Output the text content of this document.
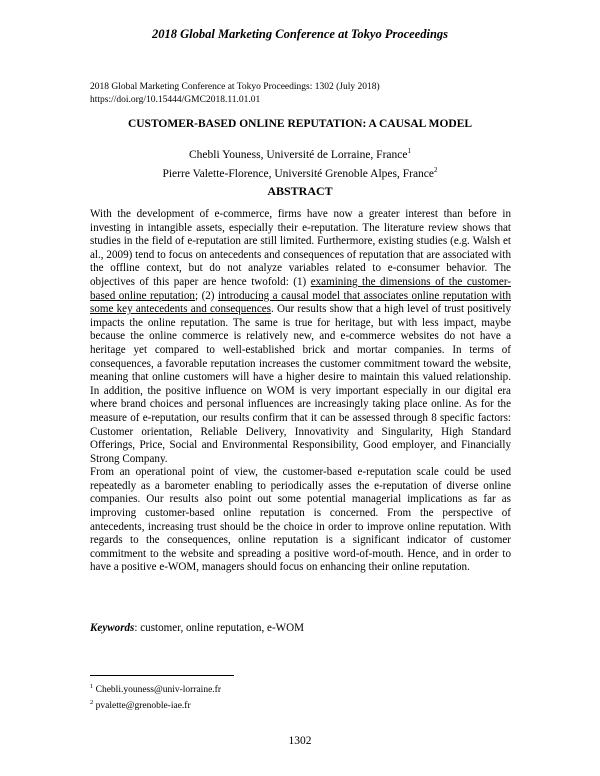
2018 Global Marketing Conference at Tokyo Proceedings
2018 Global Marketing Conference at Tokyo Proceedings: 1302 (July 2018)
https://doi.org/10.15444/GMC2018.11.01.01
CUSTOMER-BASED ONLINE REPUTATION: A CAUSAL MODEL
Chebli Youness, Université de Lorraine, France$^1$
Pierre Valette-Florence, Université Grenoble Alpes, France$^2$
ABSTRACT

With the development of e-commerce, firms have now a greater interest than before in investing in intangible assets, especially their e-reputation. The literature review shows that studies in the field of e-reputation are still limited. Furthermore, existing studies (e.g. Walsh et al., 2009) tend to focus on antecedents and consequences of reputation that are associated with the offline context, but do not analyze variables related to e-consumer behavior. The objectives of this paper are hence twofold: (1) examining the dimensions of the customer-based online reputation; (2) introducing a causal model that associates online reputation with some key antecedents and consequences. Our results show that a high level of trust positively impacts the online reputation. The same is true for heritage, but with less impact, maybe because the online commerce is relatively new, and e-commerce websites do not have a heritage yet compared to well-established brick and mortar companies. In terms of consequences, a favorable reputation increases the customer commitment toward the website, meaning that online customers will have a higher desire to maintain this valued relationship. In addition, the positive influence on WOM is very important especially in our digital era where brand choices and personal influences are increasingly taking place online. As for the measure of e-reputation, our results confirm that it can be assessed through 8 specific factors: Customer orientation, Reliable Delivery, Innovativity and Singularity, High Standard Offerings, Price, Social and Environmental Responsibility, Good employer, and Financially Strong Company.

From an operational point of view, the customer-based e-reputation scale could be used repeatedly as a barometer enabling to periodically asses the e-reputation of diverse online companies. Our results also point out some potential managerial implications as far as improving customer-based online reputation is concerned. From the perspective of antecedents, increasing trust should be the choice in order to improve online reputation. With regards to the consequences, online reputation is a significant indicator of customer commitment to the website and spreading a positive word-of-mouth. Hence, and in order to have a positive e-WOM, managers should focus on enhancing their online reputation.

Keywords: customer, online reputation, e-WOM
$^1$ Chebli.youness@univ-lorraine.fr
$^2$ pvalette@grenoble-iae.fr
1302
